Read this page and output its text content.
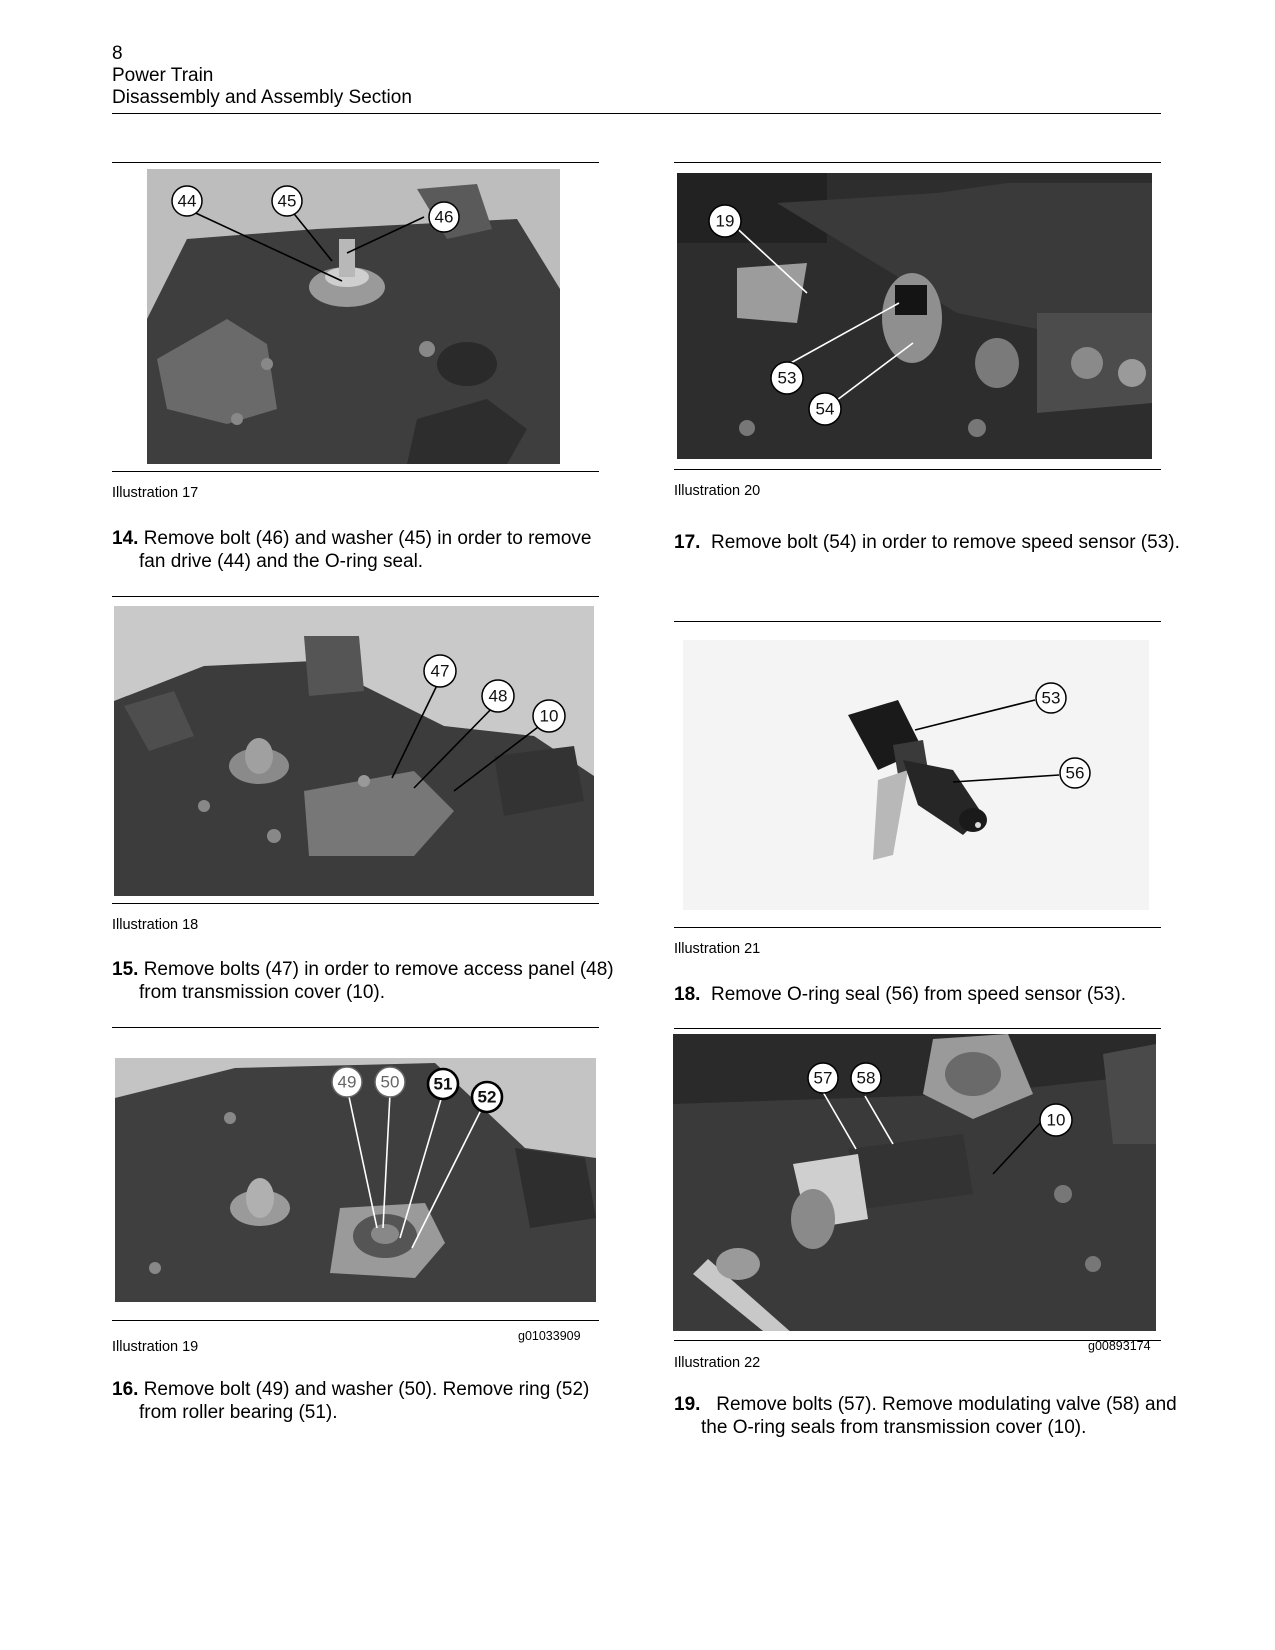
8
Power Train
Disassembly and Assembly Section
44	45
46
Illustration 17
14. Remove bolt (46) and washer (45) in order to remove fan drive (44) and the O-ring seal.
47
48
10
Illustration 18
15. Remove bolts (47) in order to remove access panel (48) from transmission cover (10).
49 50 51
52
Illustration 19
g01033909
16. Remove bolt (49) and washer (50). Remove ring (52) from roller bearing (51).
19
53
54
Illustration 20
17. Remove bolt (54) in order to remove speed sensor (53).
53
56
Illustration 21
18. Remove O-ring seal (56) from speed sensor (53).
57 58
10
Illustration 22
g00893174
19. Remove bolts (57). Remove modulating valve (58) and the O-ring seals from transmission cover (10).
